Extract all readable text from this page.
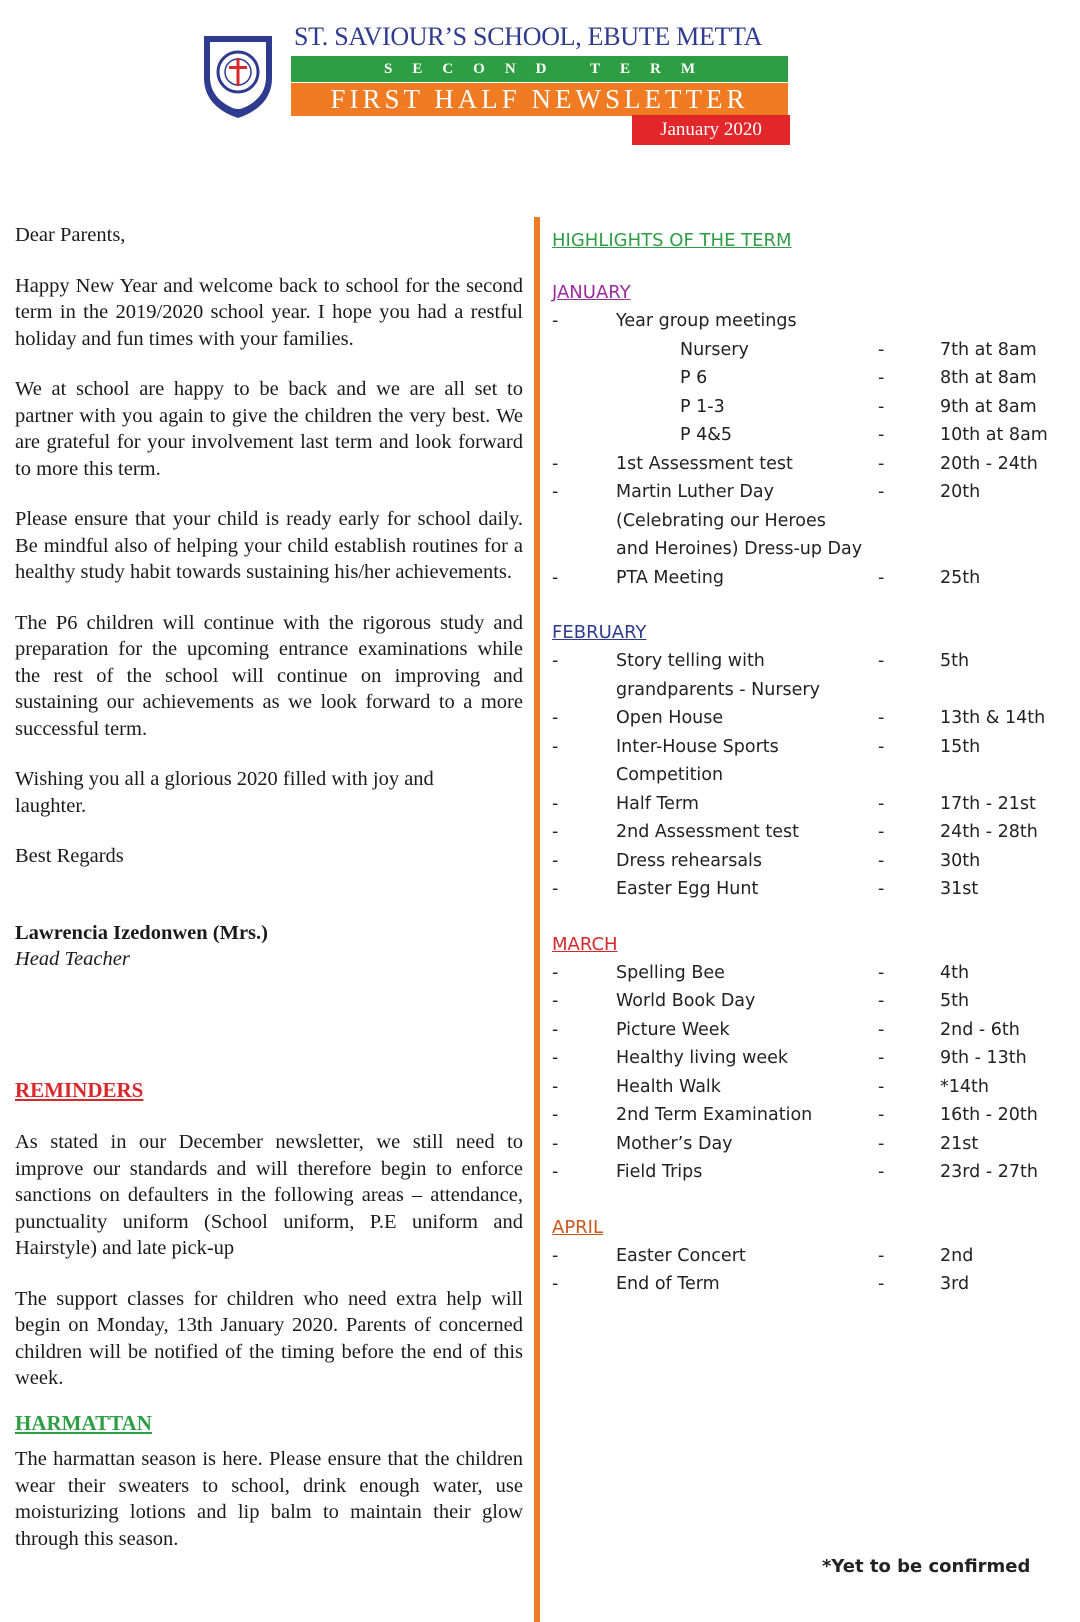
ST. SAVIOUR’S SCHOOL, EBUTE METTA
SECOND TERM
FIRST HALF NEWSLETTER
January 2020

Dear Parents,

Happy New Year and welcome back to school for the second term in the 2019/2020 school year. I hope you had a restful holiday and fun times with your families.

We at school are happy to be back and we are all set to partner with you again to give the children the very best. We are grateful for your involvement last term and look forward to more this term.

Please ensure that your child is ready early for school daily. Be mindful also of helping your child establish routines for a healthy study habit towards sustaining his/her achievements.

The P6 children will continue with the rigorous study and preparation for the upcoming entrance examinations while the rest of the school will continue on improving and sustaining our achievements as we look forward to a more successful term.

Wishing you all a glorious 2020 filled with joy and laughter.

Best Regards

Lawrencia Izedonwen (Mrs.)

Head Teacher

REMINDERS

As stated in our December newsletter, we still need to improve our standards and will therefore begin to enforce sanctions on defaulters in the following areas – attendance, punctuality uniform (School uniform, P.E uniform and Hairstyle) and late pick-up

The support classes for children who need extra help will begin on Monday, 13th January 2020. Parents of concerned children will be notified of the timing before the end of this week.

HARMATTAN

The harmattan season is here. Please ensure that the children wear their sweaters to school, drink enough water, use moisturizing lotions and lip balm to maintain their glow through this season.

HIGHLIGHTS OF THE TERM

JANUARY

-	Year group meetings
Nursery	-	7th at 8am
P 6	-	8th at 8am
P 1-3	-	9th at 8am
P 4&5	-	10th at 8am
-	1st Assessment test	-	20th - 24th
-	Martin Luther Day	-	20th
(Celebrating our Heroes
and Heroines) Dress-up Day
-	PTA Meeting	-	25th

FEBRUARY

-	Story telling with	-	5th
grandparents - Nursery
-	Open House	-	13th & 14th
-	Inter-House Sports	-	15th
Competition
-	Half Term	-	17th - 21st
-	2nd Assessment test	-	24th - 28th
-	Dress rehearsals	-	30th
-	Easter Egg Hunt	-	31st

MARCH

-	Spelling Bee	-	4th
-	World Book Day	-	5th
-	Picture Week	-	2nd - 6th
-	Healthy living week	-	9th - 13th
-	Health Walk	-	*14th
-	2nd Term Examination	-	16th - 20th
-	Mother’s Day	-	21st
-	Field Trips	-	23rd - 27th

APRIL

-	Easter Concert	-	2nd
-	End of Term	-	3rd
*Yet to be confirmed
